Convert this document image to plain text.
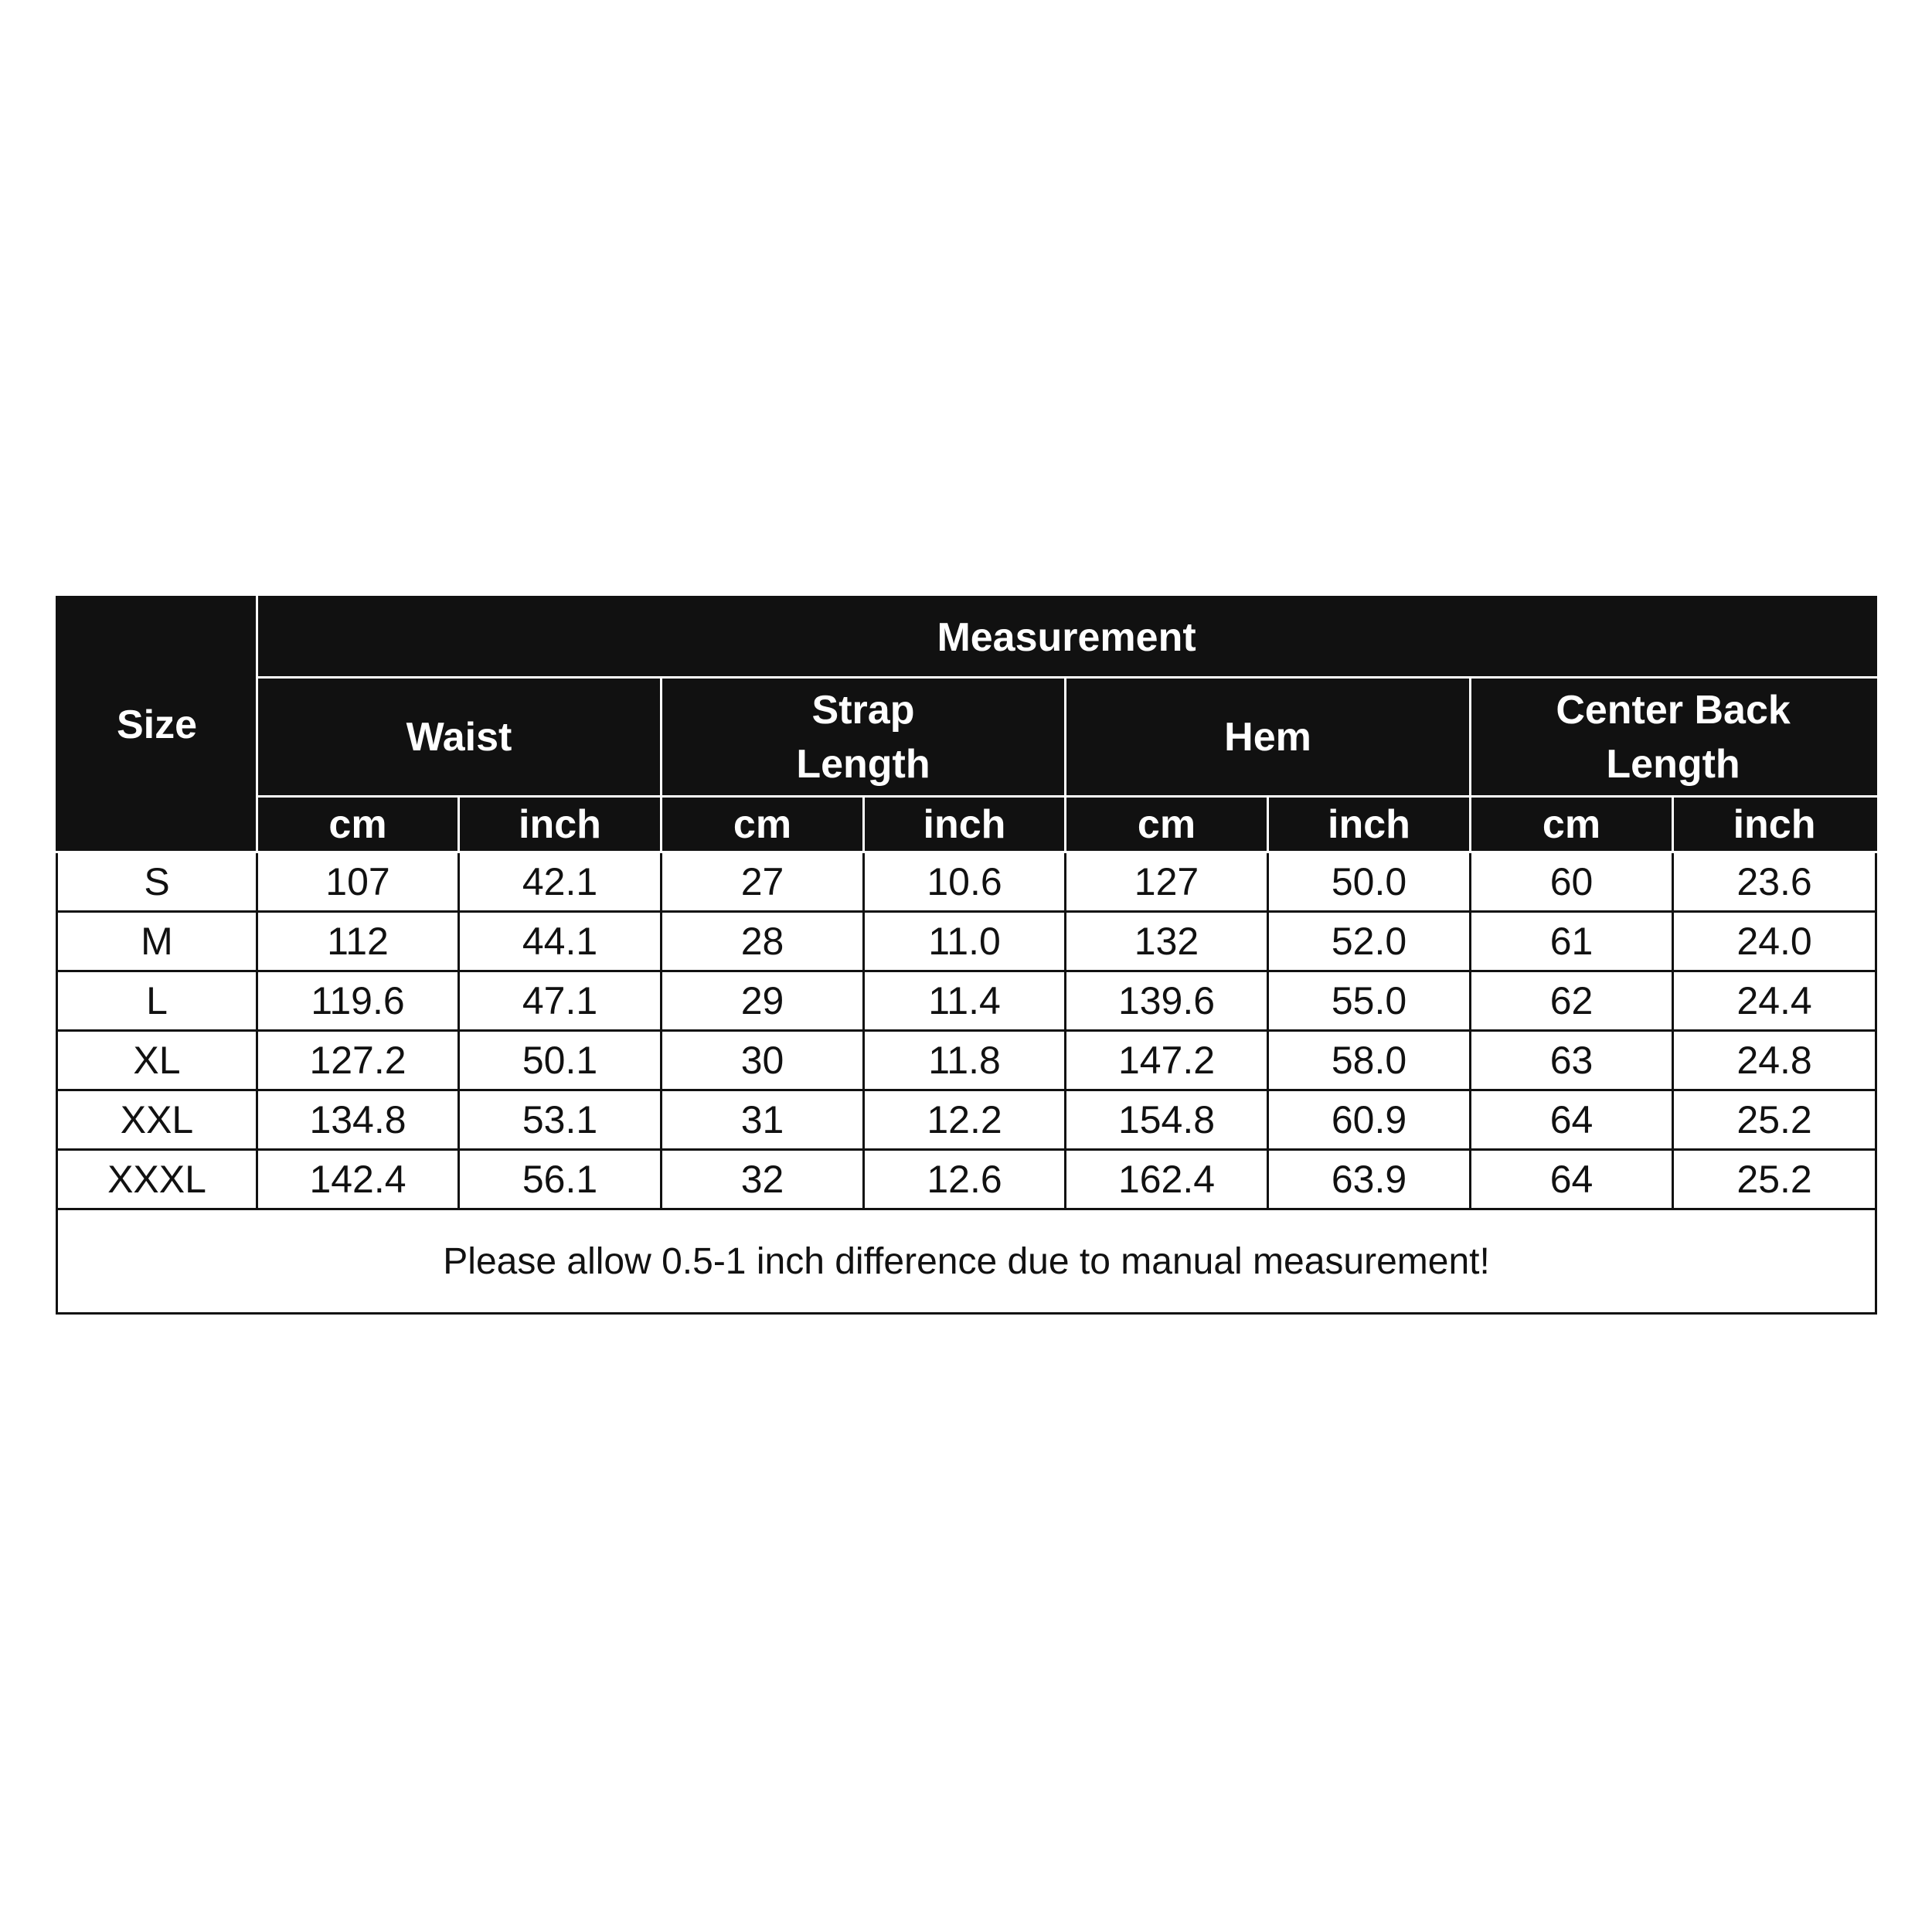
Size	Measurement							
	Waist		Strap Length		Hem		Center Back Length	
	cm	inch	cm	inch	cm	inch	cm	inch
S	107	42.1	27	10.6	127	50.0	60	23.6
M	112	44.1	28	11.0	132	52.0	61	24.0
L	119.6	47.1	29	11.4	139.6	55.0	62	24.4
XL	127.2	50.1	30	11.8	147.2	58.0	63	24.8
XXL	134.8	53.1	31	12.2	154.8	60.9	64	25.2
XXXL	142.4	56.1	32	12.6	162.4	63.9	64	25.2
Please allow 0.5-1 inch difference due to manual measurement!								
